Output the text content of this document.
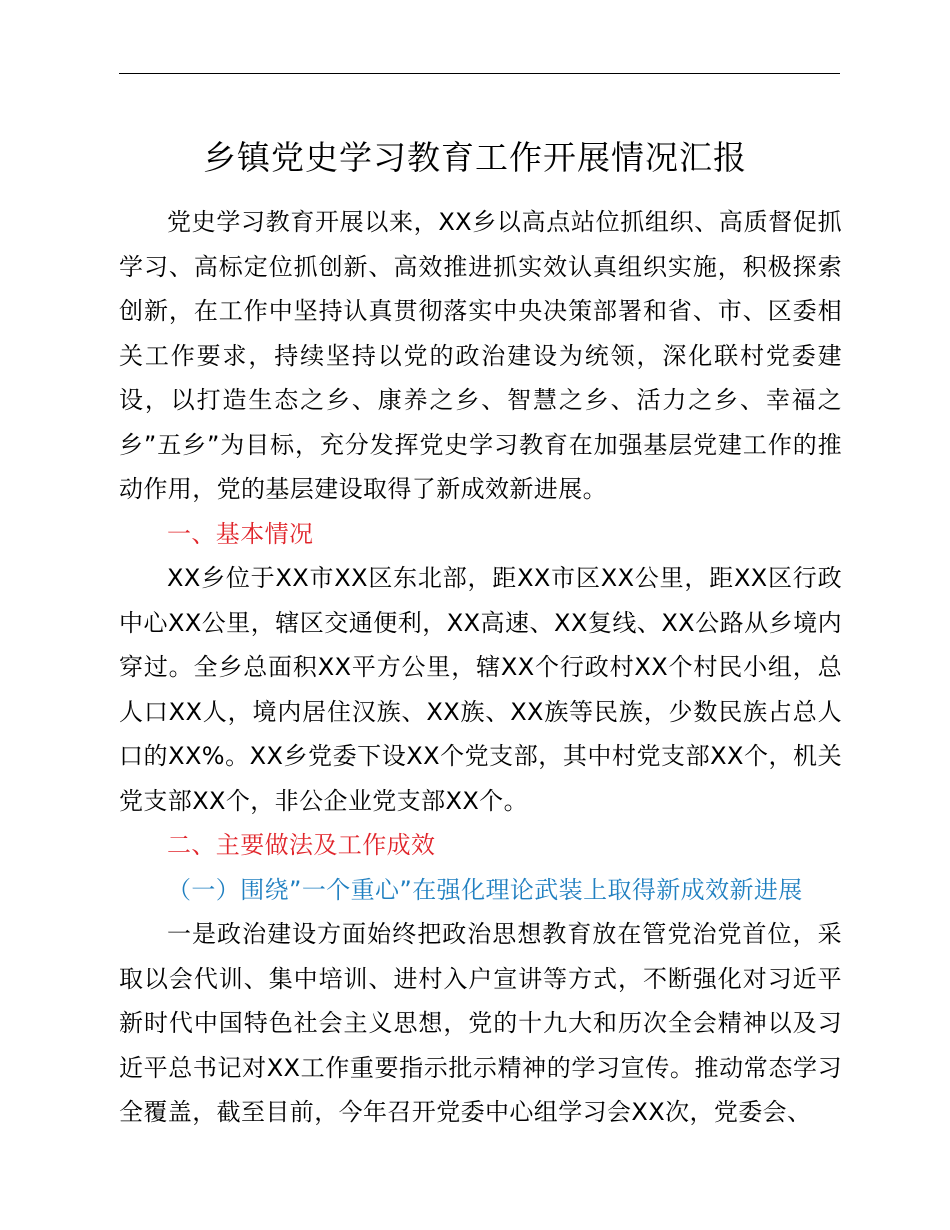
乡镇党史学习教育工作开展情况汇报

党史学习教育开展以来，XX乡以高点站位抓组织、高质督促抓学习、高标定位抓创新、高效推进抓实效认真组织实施，积极探索创新，在工作中坚持认真贯彻落实中央决策部署和省、市、区委相关工作要求，持续坚持以党的政治建设为统领，深化联村党委建设，以打造生态之乡、康养之乡、智慧之乡、活力之乡、幸福之乡”五乡”为目标，充分发挥党史学习教育在加强基层党建工作的推动作用，党的基层建设取得了新成效新进展。

一、基本情况

XX乡位于XX市XX区东北部，距XX市区XX公里，距XX区行政中心XX公里，辖区交通便利，XX高速、XX复线、XX公路从乡境内穿过。全乡总面积XX平方公里，辖XX个行政村XX个村民小组，总人口XX人，境内居住汉族、XX族、XX族等民族，少数民族占总人口的XX%。XX乡党委下设XX个党支部，其中村党支部XX个，机关党支部XX个，非公企业党支部XX个。

二、主要做法及工作成效

（一）围绕”一个重心”在强化理论武装上取得新成效新进展

一是政治建设方面始终把政治思想教育放在管党治党首位，采取以会代训、集中培训、进村入户宣讲等方式，不断强化对习近平新时代中国特色社会主义思想，党的十九大和历次全会精神以及习近平总书记对XX工作重要指示批示精神的学习宣传。推动常态学习全覆盖，截至目前，今年召开党委中心组学习会XX次，党委会、
